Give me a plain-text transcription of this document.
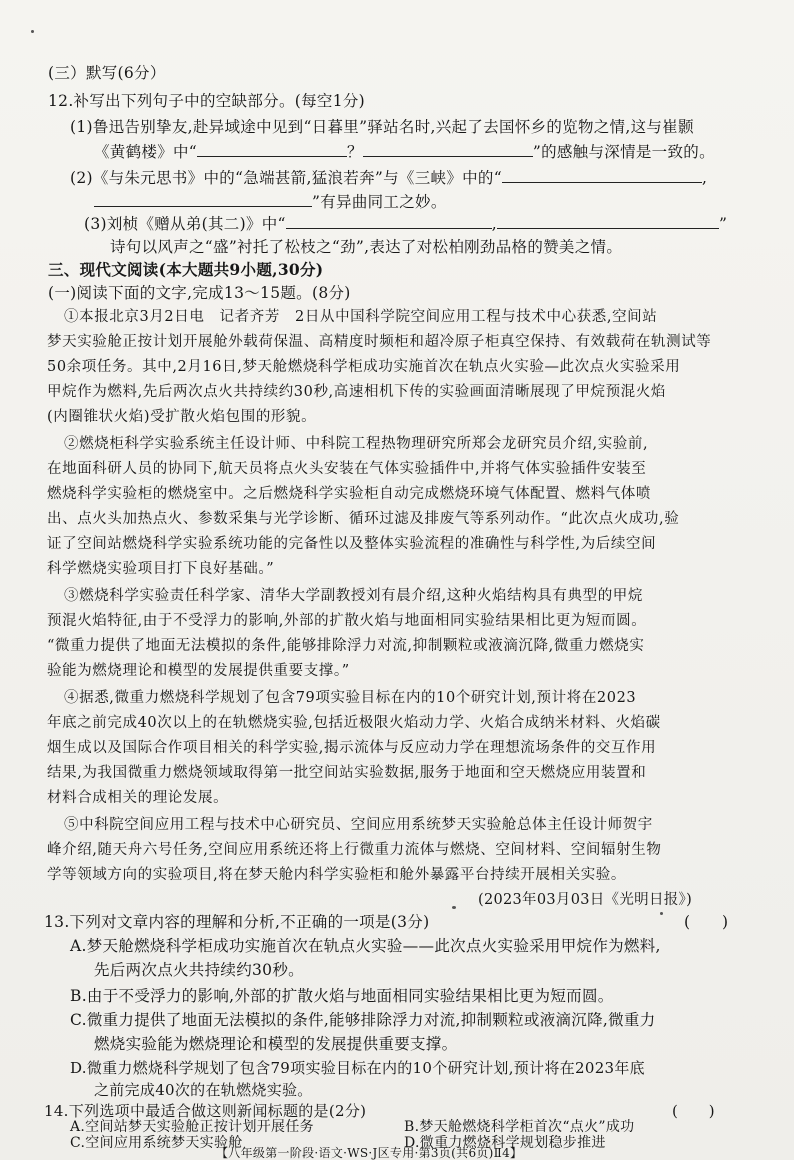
(三）默写(6分）
12.补写出下列句子中的空缺部分。(每空1分)
(1)鲁迅告别挚友,赴异域途中见到“日暮里”驿站名时,兴起了去国怀乡的览物之情,这与崔颢
《黄鹤楼》中“	？	”的感触与深情是一致的。
(2)《与朱元思书》中的“急端甚箭,猛浪若奔”与《三峡》中的“	,
”有异曲同工之妙。
(3)刘桢《赠从弟(其二)》中“	,	”
诗句以风声之“盛”衬托了松枝之“劲”,表达了对松柏刚劲品格的赞美之情。
三、现代文阅读(本大题共9小题,30分)
(一)阅读下面的文字,完成13～15题。(8分)
①本报北京3月2日电　记者齐芳　2日从中国科学院空间应用工程与技术中心获悉,空间站
梦天实验舱正按计划开展舱外载荷保温、高精度时频柜和超冷原子柜真空保持、有效载荷在轨测试等
50余项任务。其中,2月16日,梦天舱燃烧科学柜成功实施首次在轨点火实验—此次点火实验采用
甲烷作为燃料,先后两次点火共持续约30秒,高速相机下传的实验画面清晰展现了甲烷预混火焰
(内圈锥状火焰)受扩散火焰包围的形貌。
②燃烧柜科学实验系统主任设计师、中科院工程热物理研究所郑会龙研究员介绍,实验前,
在地面科研人员的协同下,航天员将点火头安装在气体实验插件中,并将气体实验插件安装至
燃烧科学实验柜的燃烧室中。之后燃烧科学实验柜自动完成燃烧环境气体配置、燃料气体喷
出、点火头加热点火、参数采集与光学诊断、循环过滤及排废气等系列动作。“此次点火成功,验
证了空间站燃烧科学实验系统功能的完备性以及整体实验流程的准确性与科学性,为后续空间
科学燃烧实验项目打下良好基础。”
③燃烧科学实验责任科学家、清华大学副教授刘有晨介绍,这种火焰结构具有典型的甲烷
预混火焰特征,由于不受浮力的影响,外部的扩散火焰与地面相同实验结果相比更为短而圆。
“微重力提供了地面无法模拟的条件,能够排除浮力对流,抑制颗粒或液滴沉降,微重力燃烧实
验能为燃烧理论和模型的发展提供重要支撑。”
④据悉,微重力燃烧科学规划了包含79项实验目标在内的10个研究计划,预计将在2023
年底之前完成40次以上的在轨燃烧实验,包括近极限火焰动力学、火焰合成纳米材料、火焰碳
烟生成以及国际合作项目相关的科学实验,揭示流体与反应动力学在理想流场条件的交互作用
结果,为我国微重力燃烧领域取得第一批空间站实验数据,服务于地面和空天燃烧应用装置和
材料合成相关的理论发展。
⑤中科院空间应用工程与技术中心研究员、空间应用系统梦天实验舱总体主任设计师贺宇
峰介绍,随天舟六号任务,空间应用系统还将上行微重力流体与燃烧、空间材料、空间辐射生物
学等领域方向的实验项目,将在梦天舱内科学实验柜和舱外暴露平台持续开展相关实验。
(2023年03月03日《光明日报》)
13.下列对文章内容的理解和分析,不正确的一项是(3分)	(　　)
A.梦天舱燃烧科学柜成功实施首次在轨点火实验——此次点火实验采用甲烷作为燃料,
先后两次点火共持续约30秒。
B.由于不受浮力的影响,外部的扩散火焰与地面相同实验结果相比更为短而圆。
C.微重力提供了地面无法模拟的条件,能够排除浮力对流,抑制颗粒或液滴沉降,微重力
燃烧实验能为燃烧理论和模型的发展提供重要支撑。
D.微重力燃烧科学规划了包含79项实验目标在内的10个研究计划,预计将在2023年底
之前完成40次的在轨燃烧实验。
14.下列选项中最适合做这则新闻标题的是(2分)	(　　)
A.空间站梦天实验舱正按计划开展任务	B.梦天舱燃烧科学柜首次“点火”成功
C.空间应用系统梦天实验舱	D.微重力燃烧科学规划稳步推进
【八年级第一阶段·语文·WS·J区专用·第3页(共6页)Ⅱ4】
